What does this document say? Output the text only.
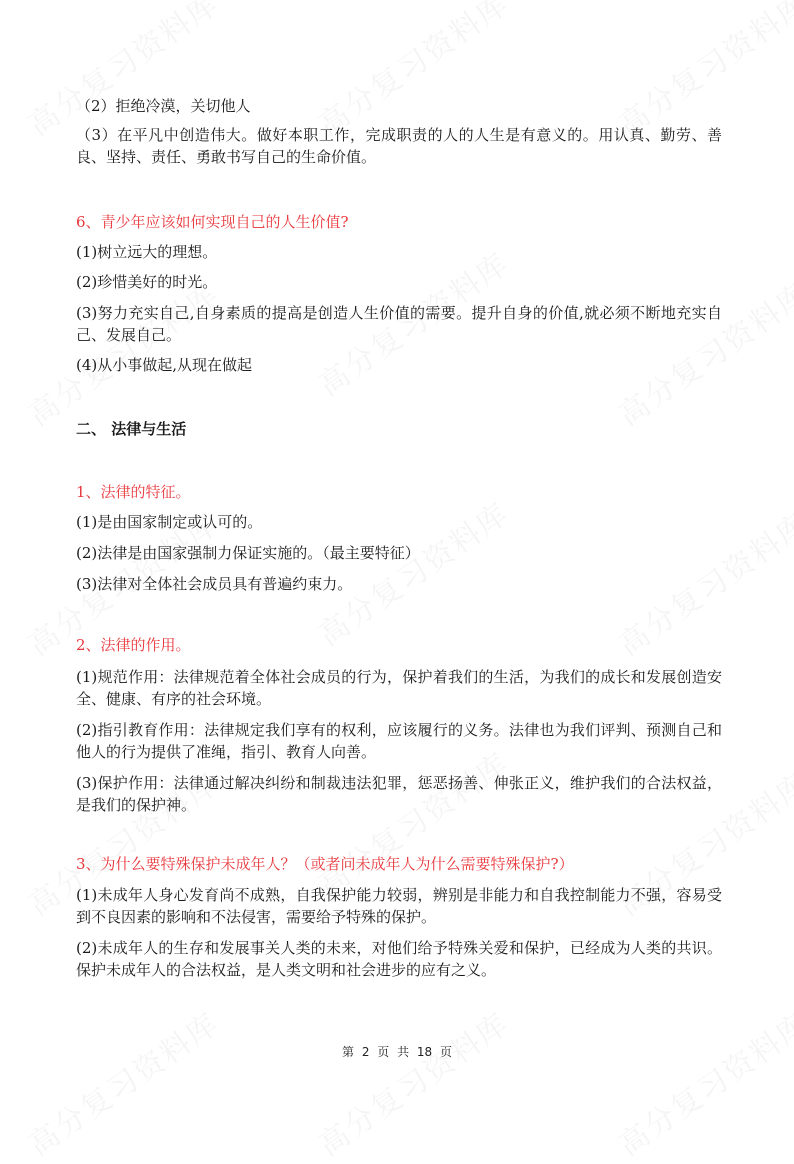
（2）拒绝冷漠，关切他人
（3）在平凡中创造伟大。做好本职工作，完成职责的人的人生是有意义的。用认真、勤劳、善良、坚持、责任、勇敢书写自己的生命价值。
6、青少年应该如何实现自己的人生价值?
(1)树立远大的理想。
(2)珍惜美好的时光。
(3)努力充实自己,自身素质的提高是创造人生价值的需要。提升自身的价值,就必须不断地充实自己、发展自己。
(4)从小事做起,从现在做起
二、 法律与生活
1、法律的特征。
(1)是由国家制定或认可的。
(2)法律是由国家强制力保证实施的。（最主要特征）
(3)法律对全体社会成员具有普遍约束力。
2、法律的作用。
(1)规范作用：法律规范着全体社会成员的行为，保护着我们的生活，为我们的成长和发展创造安全、健康、有序的社会环境。
(2)指引教育作用：法律规定我们享有的权利，应该履行的义务。法律也为我们评判、预测自己和他人的行为提供了准绳，指引、教育人向善。
(3)保护作用：法律通过解决纠纷和制裁违法犯罪，惩恶扬善、伸张正义，维护我们的合法权益，是我们的保护神。
3、为什么要特殊保护未成年人？（或者问未成年人为什么需要特殊保护?）
(1)未成年人身心发育尚不成熟，自我保护能力较弱，辨别是非能力和自我控制能力不强，容易受到不良因素的影响和不法侵害，需要给予特殊的保护。
(2)未成年人的生存和发展事关人类的未来，对他们给予特殊关爱和保护，已经成为人类的共识。保护未成年人的合法权益，是人类文明和社会进步的应有之义。
第 2 页 共 18 页
